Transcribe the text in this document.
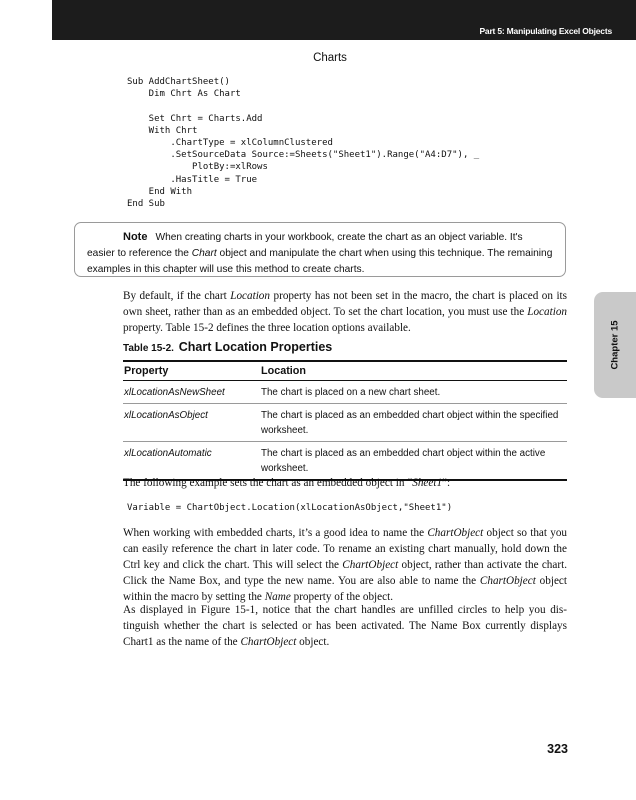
Part 5: Manipulating Excel Objects
Charts
Sub AddChartSheet()
Dim Chrt As Chart

Set Chrt = Charts.Add
With Chrt
.ChartType = xlColumnClustered
.SetSourceData Source:=Sheets("Sheet1").Range("A4:D7"), _
PlotBy:=xlRows
.HasTitle = True
End With
End Sub
Note When creating charts in your workbook, create the chart as an object variable. It's
easier to reference the Chart object and manipulate the chart when using this technique. The remaining examples in this chapter will use this method to create charts.

By default, if the chart Location property has not been set in the macro, the chart is placed on its own sheet, rather than as an embedded object. To set the chart location, you must use the Location property. Table 15-2 defines the three location options available.

Table 15-2. Chart Location Properties

Property	Location
xlLocationAsNewSheet	The chart is placed on a new chart sheet.
xlLocationAsObject	The chart is placed as an embedded chart object within the specified worksheet.
xlLocationAutomatic	The chart is placed as an embedded chart object within the active worksheet.

The following example sets the chart as an embedded object in “Sheet1”:

Variable = ChartObject.Location(xlLocationAsObject,"Sheet1")

When working with embedded charts, it’s a good idea to name the ChartObject object so that you can easily reference the chart in later code. To rename an existing chart manually, hold down the Ctrl key and click the chart. This will select the ChartObject object, rather than activate the chart. Click the Name Box, and type the new name. You are also able to name the ChartObject object within the macro by setting the Name property of the object.

As displayed in Figure 15-1, notice that the chart handles are unfilled circles to help you dis-tinguish whether the chart is selected or has been activated. The Name Box currently displays Chart1 as the name of the ChartObject object.

Chapter 15
323
